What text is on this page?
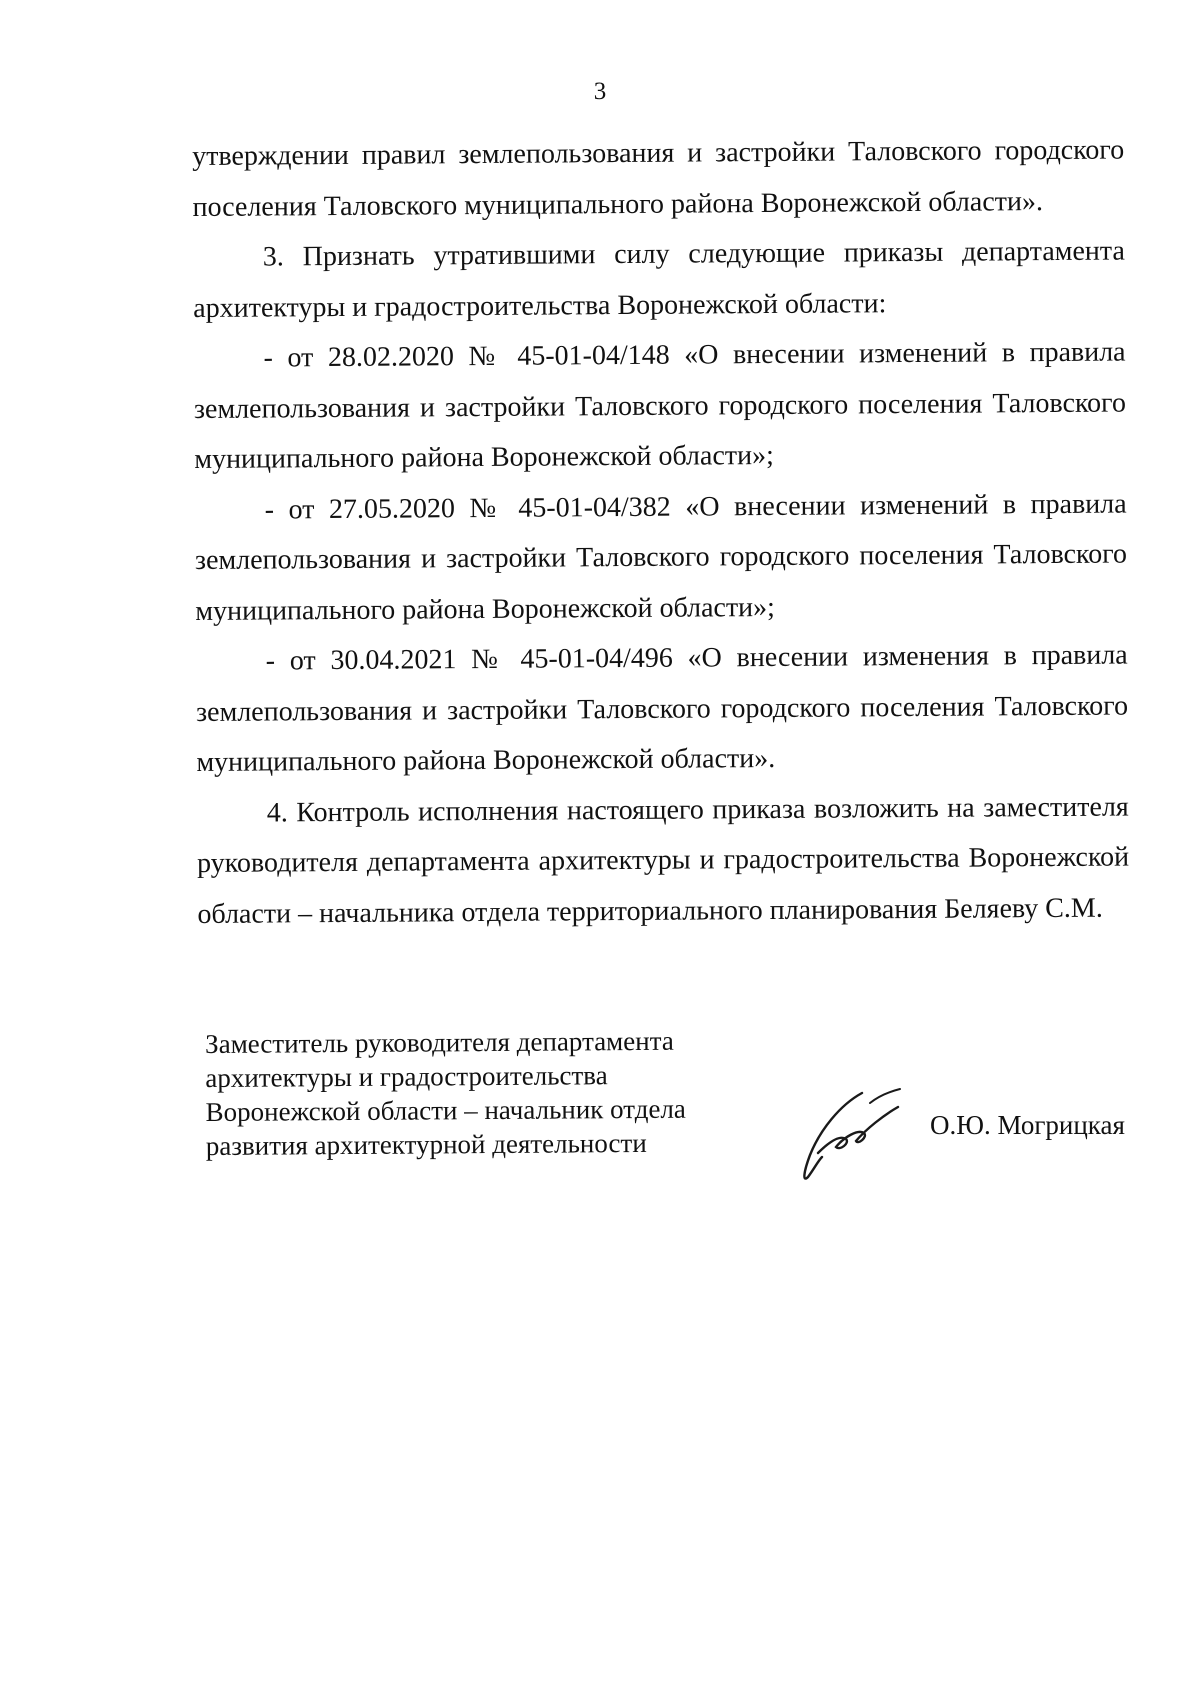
3

утверждении правил землепользования и застройки Таловского городского поселения Таловского муниципального района Воронежской области».

3. Признать утратившими силу следующие приказы департамента архитектуры и градостроительства Воронежской области:

- от 28.02.2020 № 45-01-04/148 «О внесении изменений в правила землепользования и застройки Таловского городского поселения Таловского муниципального района Воронежской области»;

- от 27.05.2020 № 45-01-04/382 «О внесении изменений в правила землепользования и застройки Таловского городского поселения Таловского муниципального района Воронежской области»;

- от 30.04.2021 № 45-01-04/496 «О внесении изменения в правила землепользования и застройки Таловского городского поселения Таловского муниципального района Воронежской области».

4. Контроль исполнения настоящего приказа возложить на заместителя руководителя департамента архитектуры и градостроительства Воронежской области – начальника отдела территориального планирования Беляеву С.М.

Заместитель руководителя департамента
архитектуры и градостроительства
Воронежской области – начальник отдела
развития архитектурной деятельности
О.Ю. Могрицкая
